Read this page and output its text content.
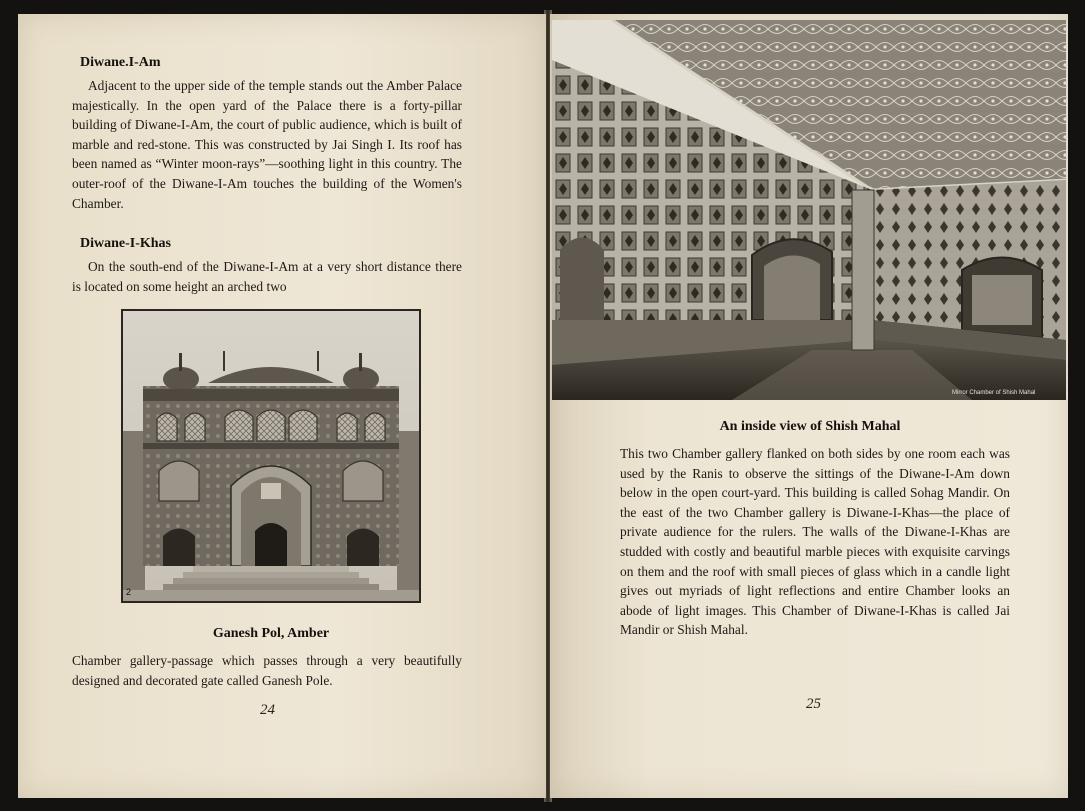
Diwane.I-Am
Adjacent to the upper side of the temple stands out the Amber Palace majestically. In the open yard of the Palace there is a forty-pillar building of Diwane-I-Am, the court of public audience, which is built of marble and red-stone. This was constructed by Jai Singh I. Its roof has been named as “Winter moon-rays”—soothing light in this country. The outer-roof of the Diwane-I-Am touches the building of the Women's Chamber.
Diwane-I-Khas
On the south-end of the Diwane-I-Am at a very short distance there is located on some height an arched two
2
Ganesh Pol, Amber
Chamber gallery-passage which passes through a very beautifully designed and decorated gate called Ganesh Pole.
24
Mirror Chamber of Shish Mahal
An inside view of Shish Mahal
This two Chamber gallery flanked on both sides by one room each was used by the Ranis to observe the sittings of the Diwane-I-Am down below in the open court-yard. This building is called Sohag Mandir. On the east of the two Chamber gallery is Diwane-I-Khas—the place of private audience for the rulers. The walls of the Diwane-I-Khas are studded with costly and beautiful marble pieces with exquisite carvings on them and the roof with small pieces of glass which in a candle light gives out myriads of light reflections and entire Chamber looks an abode of light images. This Chamber of Diwane-I-Khas is called Jai Mandir or Shish Mahal.
25
